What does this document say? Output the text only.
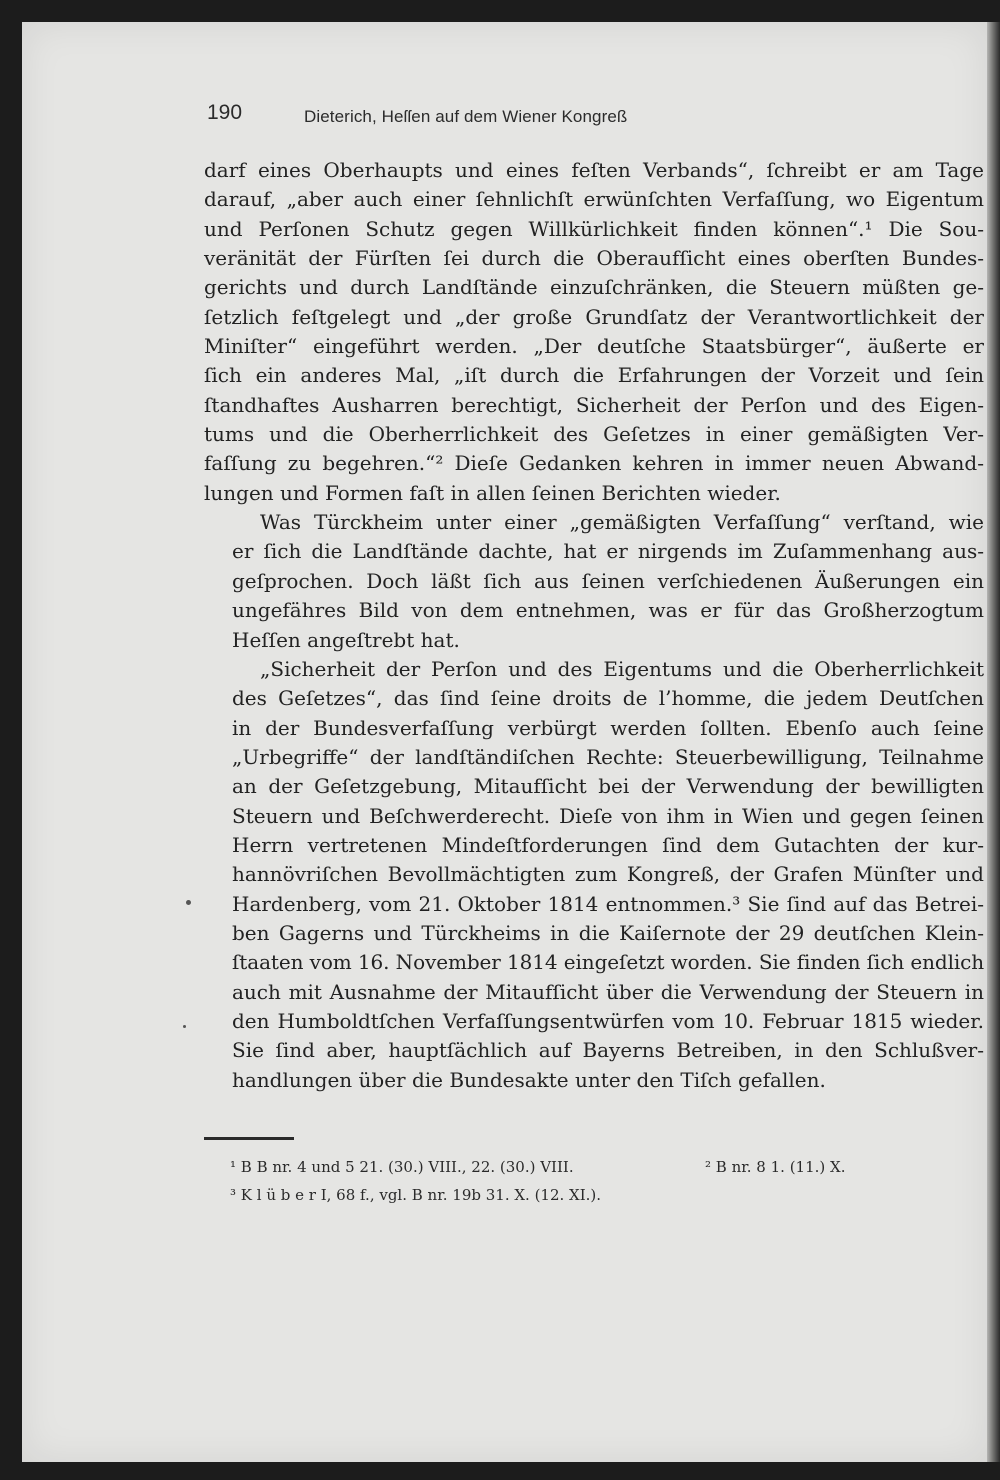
190	Dieterich, Heſſen auf dem Wiener Kongreß

darf eines Oberhaupts und eines feſten Verbands“, ſchreibt er am Tage
darauf, „aber auch einer ſehnlichſt erwünſchten Verfaſſung, wo Eigentum
und Perſonen Schutz gegen Willkürlichkeit finden können“.¹ Die Sou-
veränität der Fürſten ſei durch die Oberaufſicht eines oberſten Bundes-
gerichts und durch Landſtände einzuſchränken, die Steuern müßten ge-
ſetzlich feſtgelegt und „der große Grundſatz der Verantwortlichkeit der
Miniſter“ eingeführt werden. „Der deutſche Staatsbürger“, äußerte er
ſich ein anderes Mal, „iſt durch die Erfahrungen der Vorzeit und ſein
ſtandhaftes Ausharren berechtigt, Sicherheit der Perſon und des Eigen-
tums und die Oberherrlichkeit des Geſetzes in einer gemäßigten Ver-
faſſung zu begehren.“² Dieſe Gedanken kehren in immer neuen Abwand-
lungen und Formen faſt in allen ſeinen Berichten wieder.

Was Türckheim unter einer „gemäßigten Verfaſſung“ verſtand, wie
er ſich die Landſtände dachte, hat er nirgends im Zuſammenhang aus-
geſprochen. Doch läßt ſich aus ſeinen verſchiedenen Äußerungen ein
ungefähres Bild von dem entnehmen, was er für das Großherzogtum
Heſſen angeſtrebt hat.

„Sicherheit der Perſon und des Eigentums und die Oberherrlichkeit
des Geſetzes“, das ſind ſeine droits de l’homme, die jedem Deutſchen
in der Bundesverfaſſung verbürgt werden ſollten. Ebenſo auch ſeine
„Urbegriffe“ der landſtändiſchen Rechte: Steuerbewilligung, Teilnahme
an der Geſetzgebung, Mitaufſicht bei der Verwendung der bewilligten
Steuern und Beſchwerderecht. Dieſe von ihm in Wien und gegen ſeinen
Herrn vertretenen Mindeſtforderungen ſind dem Gutachten der kur-
hannövriſchen Bevollmächtigten zum Kongreß, der Grafen Münſter und
Hardenberg, vom 21. Oktober 1814 entnommen.³ Sie ſind auf das Betrei-
ben Gagerns und Türckheims in die Kaiſernote der 29 deutſchen Klein-
ſtaaten vom 16. November 1814 eingeſetzt worden. Sie finden ſich endlich
auch mit Ausnahme der Mitaufſicht über die Verwendung der Steuern in
den Humboldtſchen Verfaſſungsentwürfen vom 10. Februar 1815 wieder.
Sie ſind aber, hauptſächlich auf Bayerns Betreiben, in den Schlußver-
handlungen über die Bundesakte unter den Tiſch gefallen.

¹ B B nr. 4 und 5 21. (30.) VIII., 22. (30.) VIII.	² B nr. 8 1. (11.) X.
³ K l ü b e r I, 68 f., vgl. B nr. 19b 31. X. (12. XI.).
